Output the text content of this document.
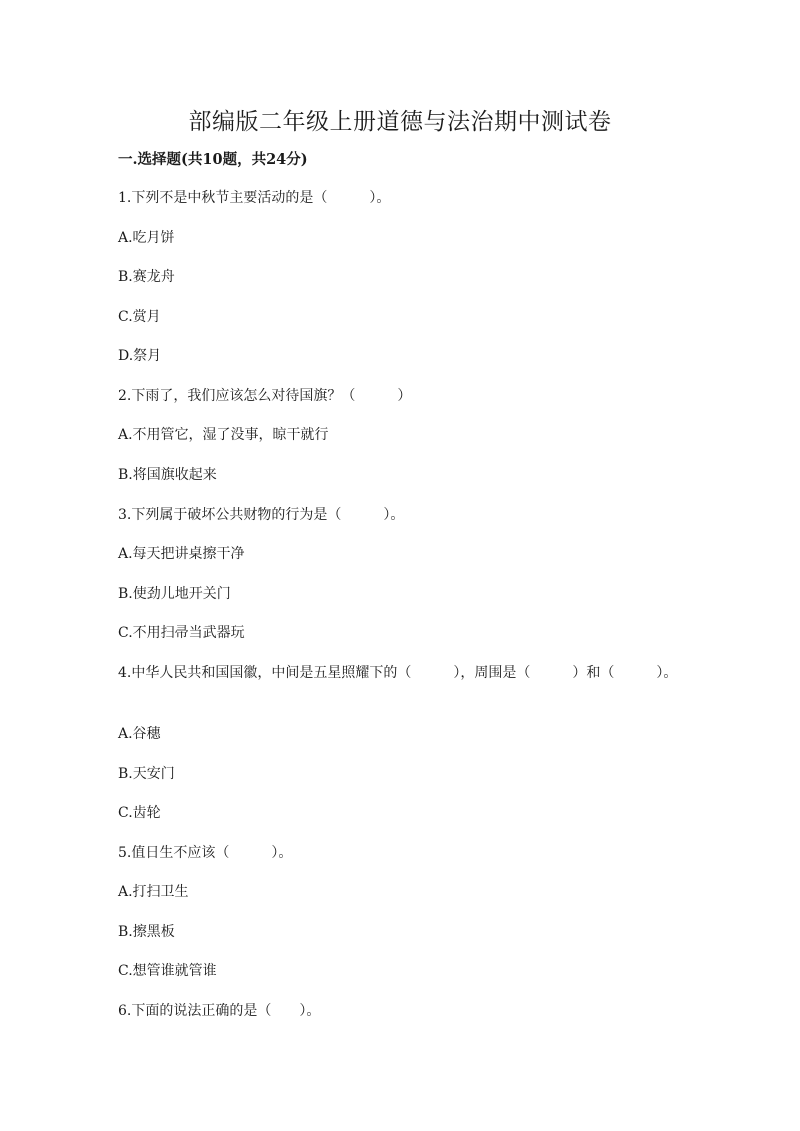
部编版二年级上册道德与法治期中测试卷
一.选择题(共10题，共24分)
1.下列不是中秋节主要活动的是（　　　）。
A.吃月饼
B.赛龙舟
C.赏月
D.祭月
2.下雨了，我们应该怎么对待国旗？（　　　）
A.不用管它，湿了没事，晾干就行
B.将国旗收起来
3.下列属于破坏公共财物的行为是（　　　）。
A.每天把讲桌擦干净
B.使劲儿地开关门
C.不用扫帚当武器玩
4.中华人民共和国国徽，中间是五星照耀下的（　　　），周围是（　　　）和（　　　）。
A.谷穗
B.天安门
C.齿轮
5.值日生不应该（　　　）。
A.打扫卫生
B.擦黑板
C.想管谁就管谁
6.下面的说法正确的是（　　）。
